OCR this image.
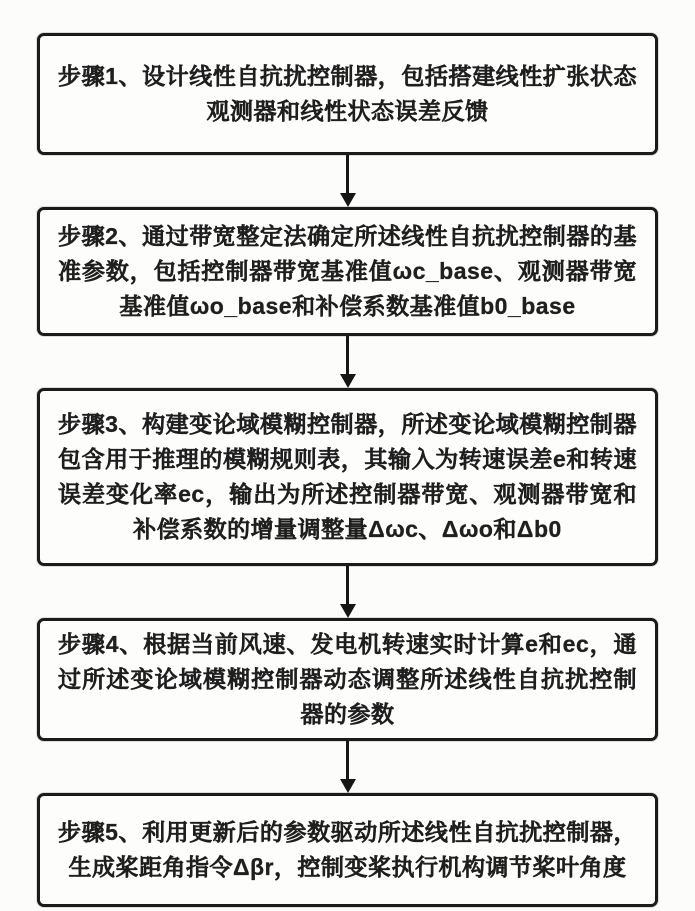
步骤1、设计线性自抗扰控制器，包括搭建线性扩张状态观测器和线性状态误差反馈

步骤2、通过带宽整定法确定所述线性自抗扰控制器的基准参数，包括控制器带宽基准值ωc_base、观测器带宽基准值ωo_base和补偿系数基准值b0_base

步骤3、构建变论域模糊控制器，所述变论域模糊控制器包含用于推理的模糊规则表，其输入为转速误差e和转速误差变化率ec，输出为所述控制器带宽、观测器带宽和补偿系数的增量调整量Δωc、Δωo和Δb0

步骤4、根据当前风速、发电机转速实时计算e和ec，通过所述变论域模糊控制器动态调整所述线性自抗扰控制器的参数

步骤5、利用更新后的参数驱动所述线性自抗扰控制器，生成桨距角指令Δβr，控制变桨执行机构调节桨叶角度
